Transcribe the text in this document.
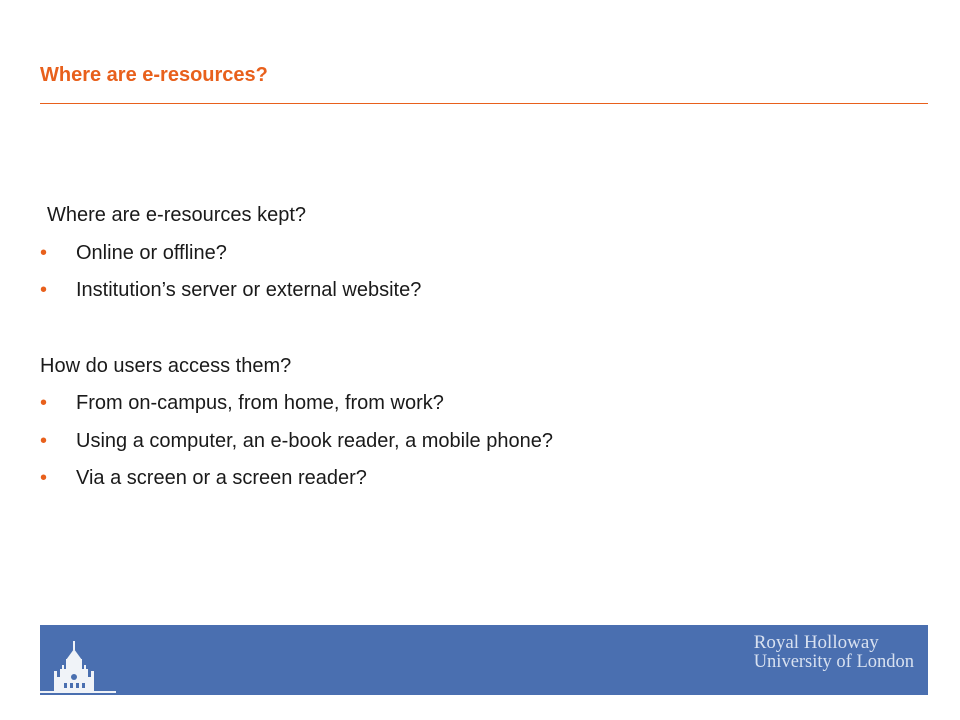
Where are e-resources?
Where are e-resources kept?
• Online or offline?
• Institution’s server or external website?
How do users access them?
• From on-campus, from home, from work?
• Using a computer, an e-book reader, a mobile phone?
• Via a screen or a screen reader?
Royal Holloway
University of London
